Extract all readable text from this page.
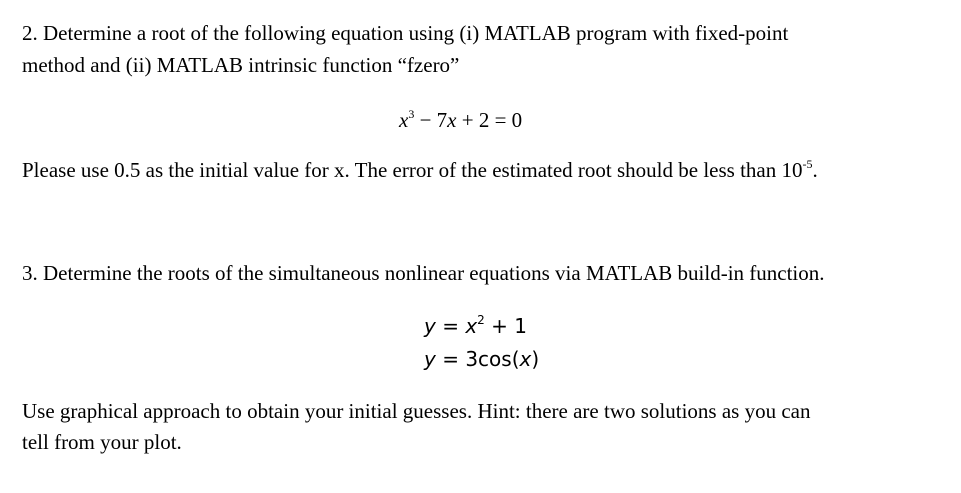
2. Determine a root of the following equation using (i) MATLAB program with fixed-point
method and (ii) MATLAB intrinsic function “fzero”
$x^3 - 7x + 2 = 0$
Please use 0.5 as the initial value for x. The error of the estimated root should be less than $10^{-5}$.
3. Determine the roots of the simultaneous nonlinear equations via MATLAB build-in function.
$y = x^2 + 1$
y = 3cos(x)
Use graphical approach to obtain your initial guesses. Hint: there are two solutions as you can
tell from your plot.
